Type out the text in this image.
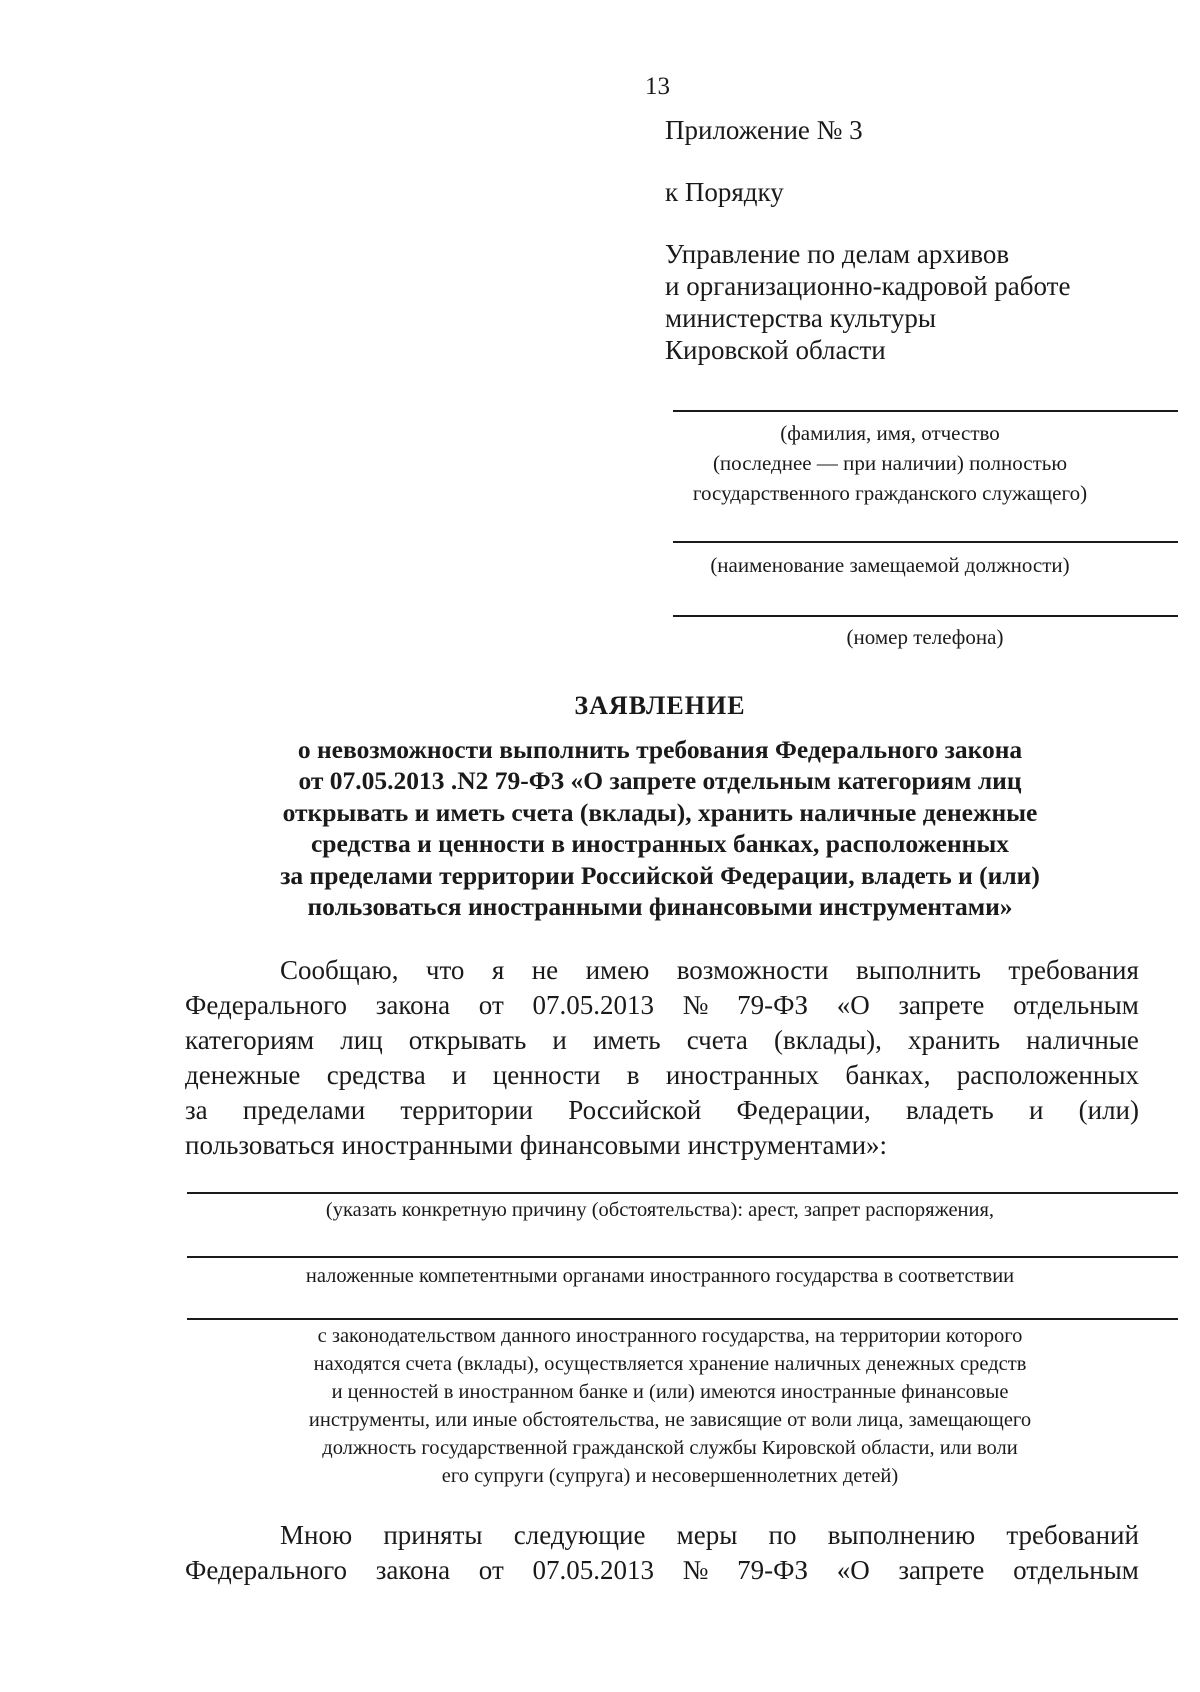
13
Приложение № 3
к Порядку
Управление по делам архивов
и организационно-кадровой работе
министерства культуры
Кировской области
(фамилия, имя, отчество
(последнее — при наличии) полностью
государственного гражданского служащего)
(наименование замещаемой должности)
(номер телефона)
ЗАЯВЛЕНИЕ
о невозможности выполнить требования Федерального закона
от 07.05.2013 .N2 79-ФЗ «О запрете отдельным категориям лиц
открывать и иметь счета (вклады), хранить наличные денежные
средства и ценности в иностранных банках, расположенных
за пределами территории Российской Федерации, владеть и (или)
пользоваться иностранными финансовыми инструментами»
Сообщаю, что я не имею возможности выполнить требования
Федерального закона от 07.05.2013 № 79-ФЗ «О запрете отдельным
категориям лиц открывать и иметь счета (вклады), хранить наличные
денежные средства и ценности в иностранных банках, расположенных
за пределами территории Российской Федерации, владеть и (или)
пользоваться иностранными финансовыми инструментами»:
(указать конкретную причину (обстоятельства): арест, запрет распоряжения,
наложенные компетентными органами иностранного государства в соответствии
с законодательством данного иностранного государства, на территории которого
находятся счета (вклады), осуществляется хранение наличных денежных средств
и ценностей в иностранном банке и (или) имеются иностранные финансовые
инструменты, или иные обстоятельства, не зависящие от воли лица, замещающего
должность государственной гражданской службы Кировской области, или воли
его супруги (супруга) и несовершеннолетних детей)
Мною приняты следующие меры по выполнению требований
Федерального закона от 07.05.2013 № 79-ФЗ «О запрете отдельным
